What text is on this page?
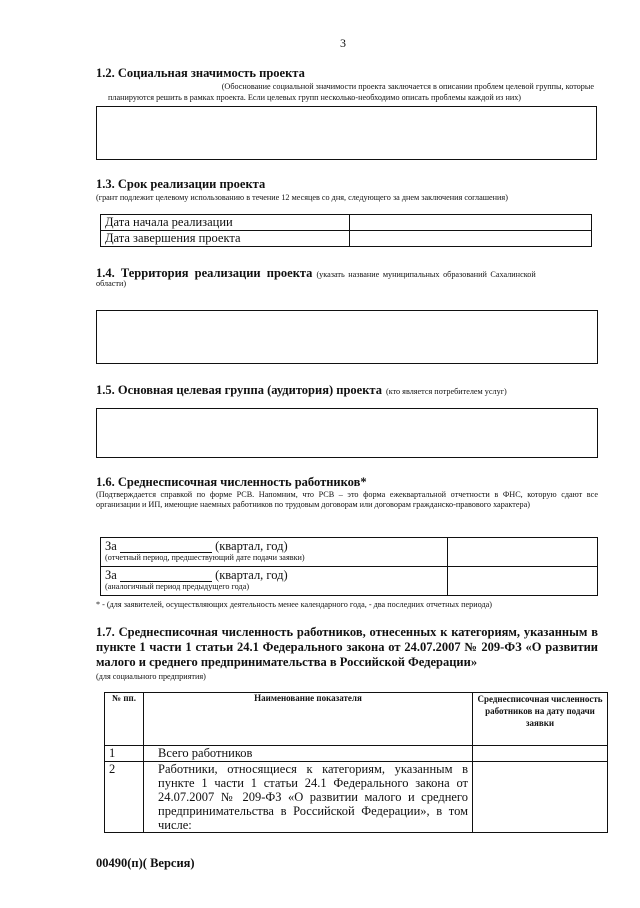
3
1.2. Социальная значимость проекта
(Обоснование социальной значимости проекта заключается в описании проблем целевой группы, которые
планируются решить в рамках проекта. Если целевых групп несколько-необходимо описать проблемы каждой из них)
1.3. Срок реализации проекта
(грант подлежит целевому использованию в течение 12 месяцев со дня, следующего за днем заключения соглашения)
Дата начала реализации	
Дата завершения проекта	
1.4. Территория реализации проекта (указать название муниципальных образований Сахалинской
области)
1.5. Основная целевая группа (аудитория) проекта (кто является потребителем услуг)
1.6. Среднесписочная численность работников*
(Подтверждается справкой по форме РСВ. Напомним, что РСВ – это форма ежеквартальной отчетности в ФНС, которую сдают все организации и ИП, имеющие наемных работников по трудовым договорам или договорам гражданско-правового характера)
За (квартал, год)
(отчетный период, предшествующий дате подачи заявки)	

За (квартал, год)
(аналогичный период предыдущего года)	

* - (для заявителей, осуществляющих деятельность менее календарного года, - два последних отчетных периода)
1.7. Среднесписочная численность работников, отнесенных к категориям, указанным в пункте 1 части 1 статьи 24.1 Федерального закона от 24.07.2007 № 209-ФЗ «О развитии малого и среднего предпринимательства в Российской Федерации»
(для социального предприятия)
№ пп.	Наименование показателя	Среднесписочная численность работников на дату подачи заявки
1	Всего работников	
2	Работники, относящиеся к категориям, указанным в пункте 1 части 1 статьи 24.1 Федерального закона от 24.07.2007 № 209-ФЗ «О развитии малого и среднего предпринимательства в Российской Федерации», в том числе:	
00490(п)( Версия)
